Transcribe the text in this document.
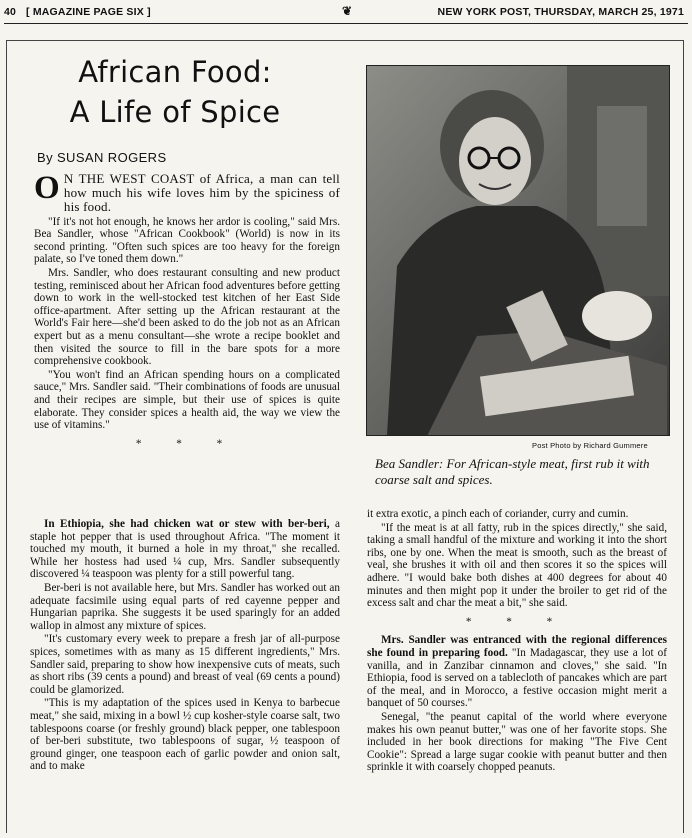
40 [ MAGAZINE PAGE SIX ]	❦	NEW YORK POST, THURSDAY, MARCH 25, 1971
African Food:
A Life of Spice
By SUSAN ROGERS

O N THE WEST COAST of Africa, a man can tell how much his wife loves him by the spiciness of his food.

"If it's not hot enough, he knows her ardor is cooling," said Mrs. Bea Sandler, whose "African Cookbook" (World) is now in its second printing. "Often such spices are too heavy for the foreign palate, so I've toned them down."

Mrs. Sandler, who does restaurant consulting and new product testing, reminisced about her African food adventures before getting down to work in the well-stocked test kitchen of her East Side office-apartment. After setting up the African restaurant at the World's Fair here—she'd been asked to do the job not as an African expert but as a menu consultant—she wrote a recipe booklet and then visited the source to fill in the bare spots for a more comprehensive cookbook.

"You won't find an African spending hours on a complicated sauce," Mrs. Sandler said. "Their combinations of foods are unusual and their recipes are simple, but their use of spices is quite elaborate. They consider spices a health aid, the way we view the use of vitamins."

* * *

In Ethiopia, she had chicken wat or stew with ber-beri, a staple hot pepper that is used throughout Africa. "The moment it touched my mouth, it burned a hole in my throat," she recalled. While her hostess had used ¼ cup, Mrs. Sandler subsequently discovered ¼ teaspoon was plenty for a still powerful tang.

Ber-beri is not available here, but Mrs. Sandler has worked out an adequate facsimile using equal parts of red cayenne pepper and Hungarian paprika. She suggests it be used sparingly for an added wallop in almost any mixture of spices.

"It's customary every week to prepare a fresh jar of all-purpose spices, sometimes with as many as 15 different ingredients," Mrs. Sandler said, preparing to show how inexpensive cuts of meats, such as short ribs (39 cents a pound) and breast of veal (69 cents a pound) could be glamorized.

"This is my adaptation of the spices used in Kenya to barbecue meat," she said, mixing in a bowl ½ cup kosher-style coarse salt, two tablespoons coarse (or freshly ground) black pepper, one tablespoon of ber-beri substitute, two tablespoons of sugar, ½ teaspoon of ground ginger, one teaspoon each of garlic powder and onion salt, and to make

Post Photo by Richard Gummere
Bea Sandler: For African-style meat, first rub it with coarse salt and spices.

it extra exotic, a pinch each of coriander, curry and cumin.

"If the meat is at all fatty, rub in the spices directly," she said, taking a small handful of the mixture and working it into the short ribs, one by one. When the meat is smooth, such as the breast of veal, she brushes it with oil and then scores it so the spices will adhere. "I would bake both dishes at 400 degrees for about 40 minutes and then might pop it under the broiler to get rid of the excess salt and char the meat a bit," she said.

* * *

Mrs. Sandler was entranced with the regional differences she found in preparing food. "In Madagascar, they use a lot of vanilla, and in Zanzibar cinnamon and cloves," she said. "In Ethiopia, food is served on a tablecloth of pancakes which are part of the meal, and in Morocco, a festive occasion might merit a banquet of 50 courses."

Senegal, "the peanut capital of the world where everyone makes his own peanut butter," was one of her favorite stops. She included in her book directions for making "The Five Cent Cookie": Spread a large sugar cookie with peanut butter and then sprinkle it with coarsely chopped peanuts.
